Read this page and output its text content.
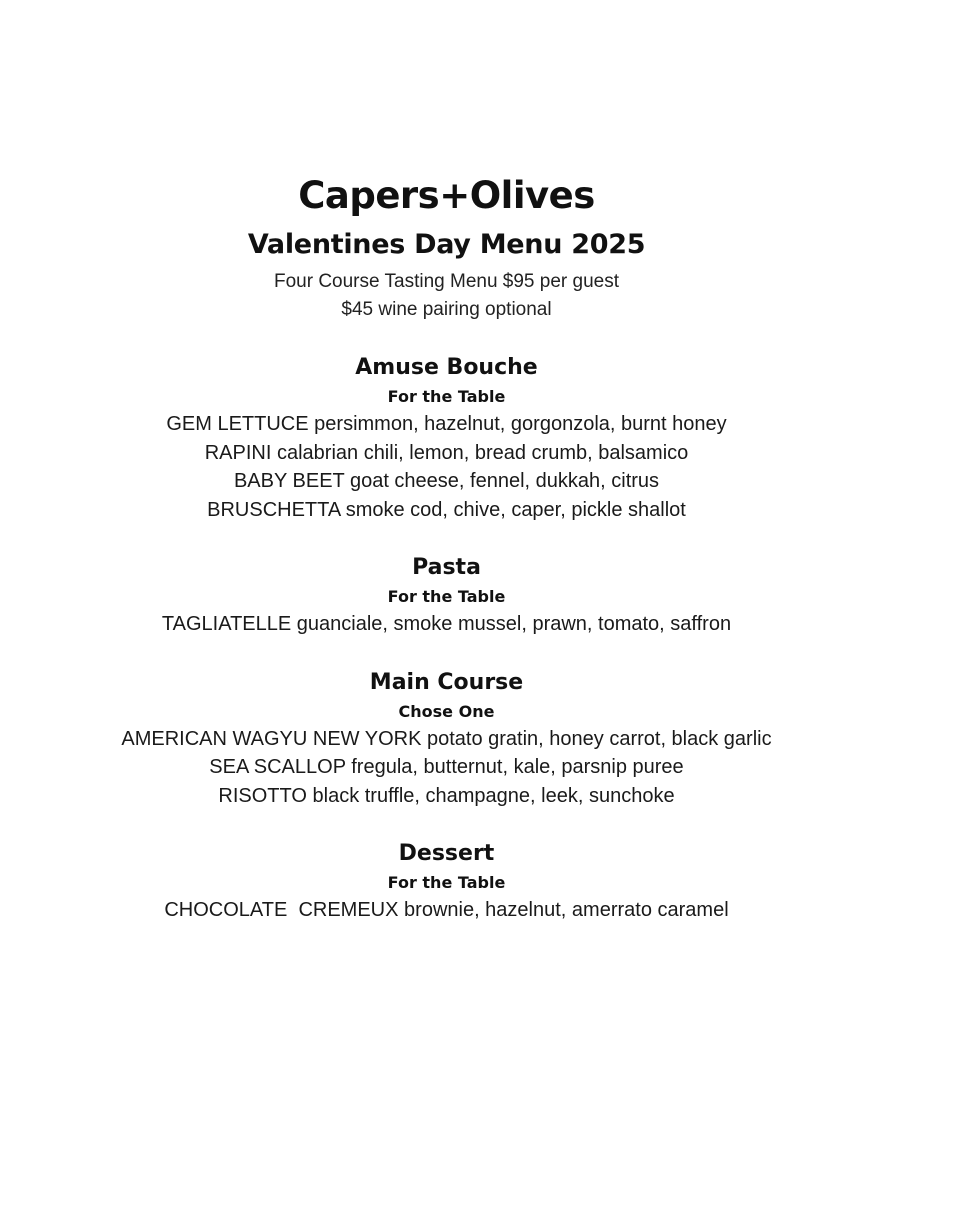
Capers+Olives
Valentines Day Menu 2025

Four Course Tasting Menu $95 per guest

$45 wine pairing optional

Amuse Bouche

For the Table

GEM LETTUCE persimmon, hazelnut, gorgonzola, burnt honey

RAPINI calabrian chili, lemon, bread crumb, balsamico

BABY BEET goat cheese, fennel, dukkah, citrus

BRUSCHETTA smoke cod, chive, caper, pickle shallot

Pasta

For the Table

TAGLIATELLE guanciale, smoke mussel, prawn, tomato, saffron

Main Course

Chose One

AMERICAN WAGYU NEW YORK potato gratin, honey carrot, black garlic

SEA SCALLOP fregula, butternut, kale, parsnip puree

RISOTTO black truffle, champagne, leek, sunchoke

Dessert

For the Table

CHOCOLATE  CREMEUX brownie, hazelnut, amerrato caramel
